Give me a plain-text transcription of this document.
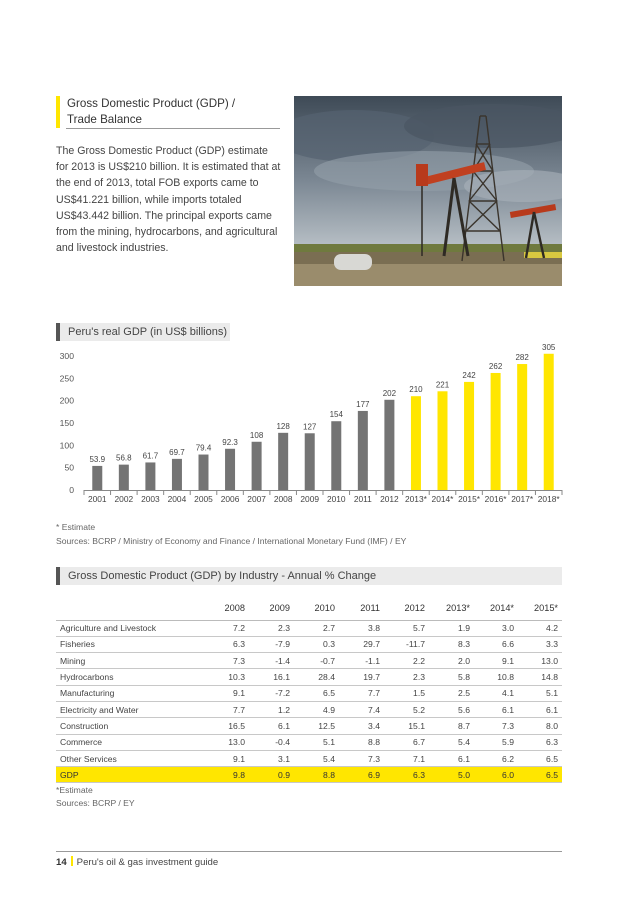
Gross Domestic Product (GDP) /
Trade Balance

The Gross Domestic Product (GDP) estimate for 2013 is US$210 billion. It is estimated that at the end of 2013, total FOB exports came to US$41.221 billion, while imports totaled US$43.442 billion. The principal exports came from the mining, hydrocarbons, and agricultural and livestock industries.

Peru's real GDP (in US$ billions)
0
50
100
150
200
250
300
53.9
2001
56.8
2002
61.7
2003
69.7
2004
79.4
2005
92.3
2006
108
2007
128
2008
127
2009
154
2010
177
2011
202
2012
210
2013*
221
2014*
242
2015*
262
2016*
282
2017*
305
2018*
* Estimate
Sources: BCRP / Ministry of Economy and Finance / International Monetary Fund (IMF) / EY
Gross Domestic Product (GDP) by Industry - Annual % Change
	2008	2009	2010	2011	2012	2013*	2014*	2015*
Agriculture and Livestock	7.2	2.3	2.7	3.8	5.7	1.9	3.0	4.2
Fisheries	6.3	-7.9	0.3	29.7	-11.7	8.3	6.6	3.3
Mining	7.3	-1.4	-0.7	-1.1	2.2	2.0	9.1	13.0
Hydrocarbons	10.3	16.1	28.4	19.7	2.3	5.8	10.8	14.8
Manufacturing	9.1	-7.2	6.5	7.7	1.5	2.5	4.1	5.1
Electricity and Water	7.7	1.2	4.9	7.4	5.2	5.6	6.1	6.1
Construction	16.5	6.1	12.5	3.4	15.1	8.7	7.3	8.0
Commerce	13.0	-0.4	5.1	8.8	6.7	5.4	5.9	6.3
Other Services	9.1	3.1	5.4	7.3	7.1	6.1	6.2	6.5
GDP	9.8	0.9	8.8	6.9	6.3	5.0	6.0	6.5
*Estimate
Sources: BCRP / EY
14 Peru's oil & gas investment guide
